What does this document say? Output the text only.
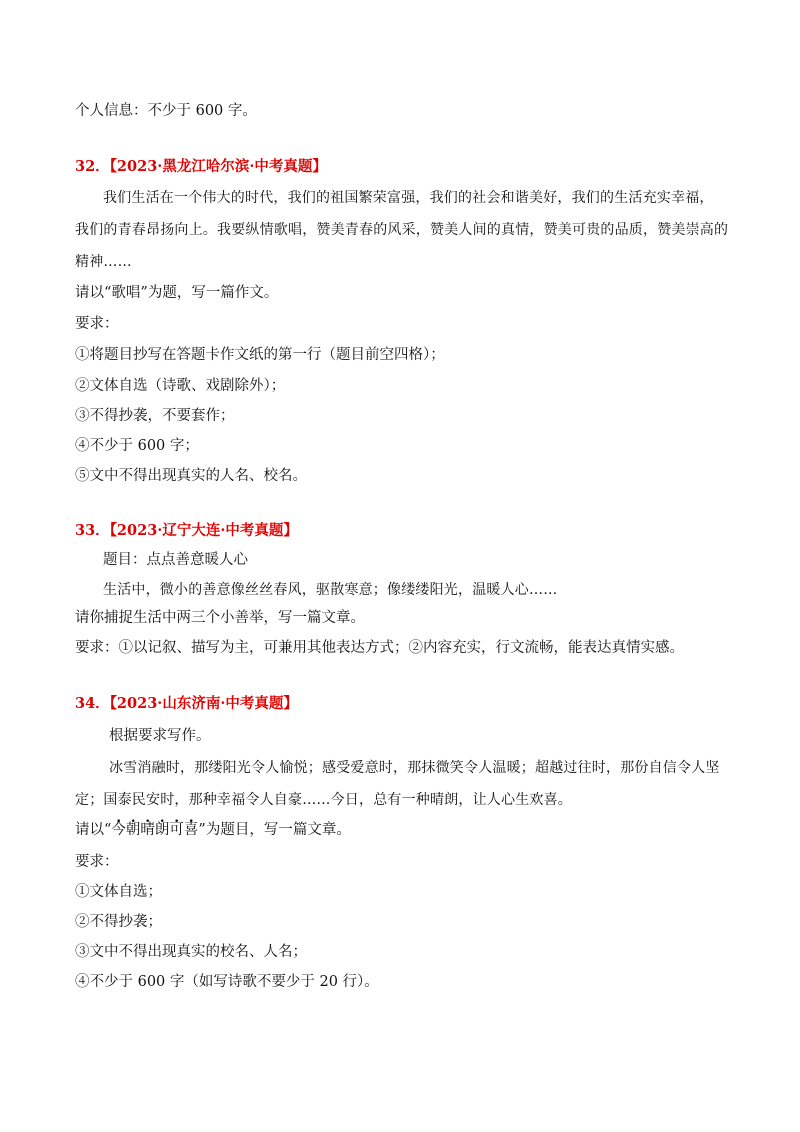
个人信息：不少于 600 字。
32．【2023·黑龙江哈尔滨·中考真题】
我们生活在一个伟大的时代，我们的祖国繁荣富强，我们的社会和谐美好，我们的生活充实幸福，
我们的青春昂扬向上。我要纵情歌唱，赞美青春的风采，赞美人间的真情，赞美可贵的品质，赞美崇高的
精神……
请以“歌唱”为题，写一篇作文。
要求：
①将题目抄写在答题卡作文纸的第一行（题目前空四格）；
②文体自选（诗歌、戏剧除外）；
③不得抄袭，不要套作；
④不少于 600 字；
⑤文中不得出现真实的人名、校名。
33．【2023·辽宁大连·中考真题】
题目：点点善意暖人心
生活中，微小的善意像丝丝春风，驱散寒意；像缕缕阳光，温暖人心……
请你捕捉生活中两三个小善举，写一篇文章。
要求：①以记叙、描写为主，可兼用其他表达方式；②内容充实，行文流畅，能表达真情实感。
34．【2023·山东济南·中考真题】
根据要求写作。
冰雪消融时，那缕阳光令人愉悦；感受爱意时，那抹微笑令人温暖；超越过往时，那份自信令人坚
定；国泰民安时，那种幸福令人自豪……今日，总有一种晴朗，让人心生欢喜。
请以“今朝晴朗可喜”为题目，写一篇文章。
要求：
①文体自选；
②不得抄袭；
③文中不得出现真实的校名、人名；
④不少于 600 字（如写诗歌不要少于 20 行）。
